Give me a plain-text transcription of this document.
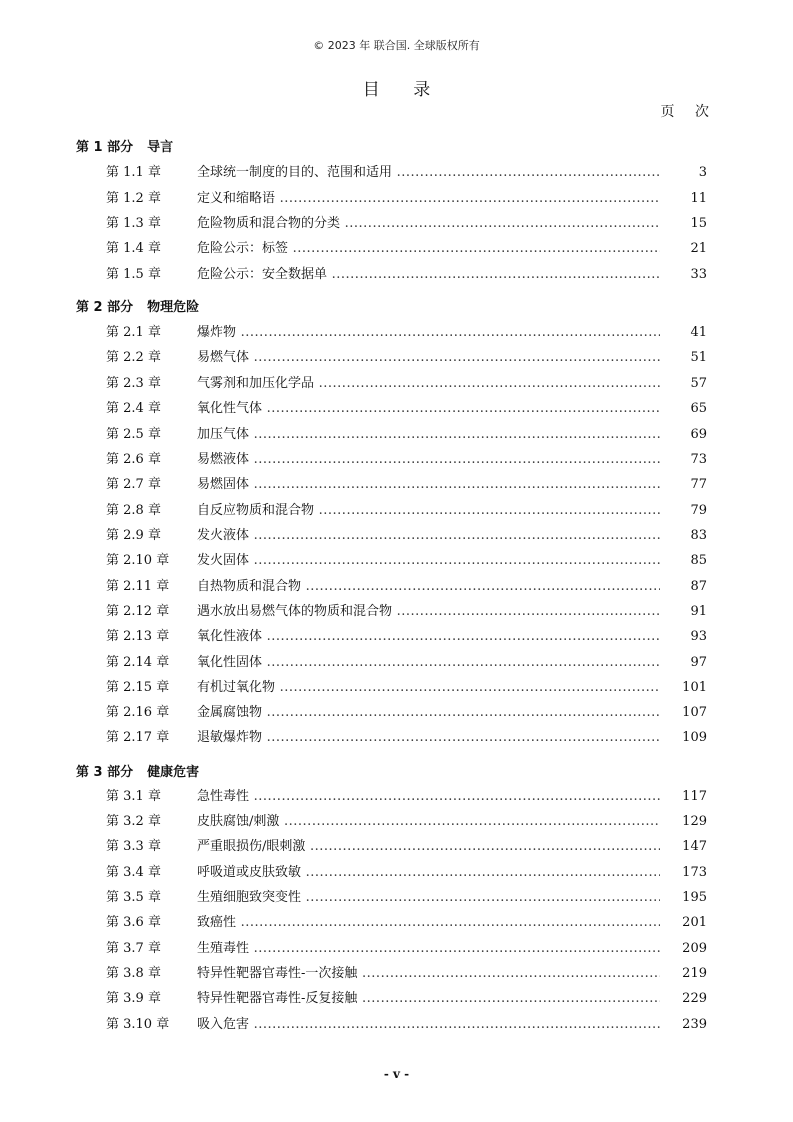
© 2023 年 联合国. 全球版权所有
目 录
页 次
第 1 部分 导言
第 1.1 章	全球统一制度的目的、范围和适用 .....	3
第 1.2 章	定义和缩略语 .....	11
第 1.3 章	危险物质和混合物的分类 .....	15
第 1.4 章	危险公示：标签 .....	21
第 1.5 章	危险公示：安全数据单 .....	33
第 2 部分 物理危险
第 2.1 章	爆炸物 .....	41
第 2.2 章	易燃气体 .....	51
第 2.3 章	气雾剂和加压化学品 .....	57
第 2.4 章	氧化性气体 .....	65
第 2.5 章	加压气体 .....	69
第 2.6 章	易燃液体 .....	73
第 2.7 章	易燃固体 .....	77
第 2.8 章	自反应物质和混合物 .....	79
第 2.9 章	发火液体 .....	83
第 2.10 章 发火固体 .....	85
第 2.11 章 自热物质和混合物 .....	87
第 2.12 章 遇水放出易燃气体的物质和混合物 .....	91
第 2.13 章 氧化性液体 .....	93
第 2.14 章 氧化性固体 .....	97
第 2.15 章 有机过氧化物 .....	101
第 2.16 章 金属腐蚀物 .....	107
第 2.17 章 退敏爆炸物 .....	109
第 3 部分 健康危害
第 3.1 章	急性毒性 .....	117
第 3.2 章	皮肤腐蚀/刺激 .....	129
第 3.3 章	严重眼损伤/眼刺激 .....	147
第 3.4 章	呼吸道或皮肤致敏 .....	173
第 3.5 章	生殖细胞致突变性 .....	195
第 3.6 章	致癌性 .....	201
第 3.7 章	生殖毒性 .....	209
第 3.8 章	特异性靶器官毒性-一次接触 .....	219
第 3.9 章	特异性靶器官毒性-反复接触 .....	229
第 3.10 章 吸入危害 .....	239
- v -
